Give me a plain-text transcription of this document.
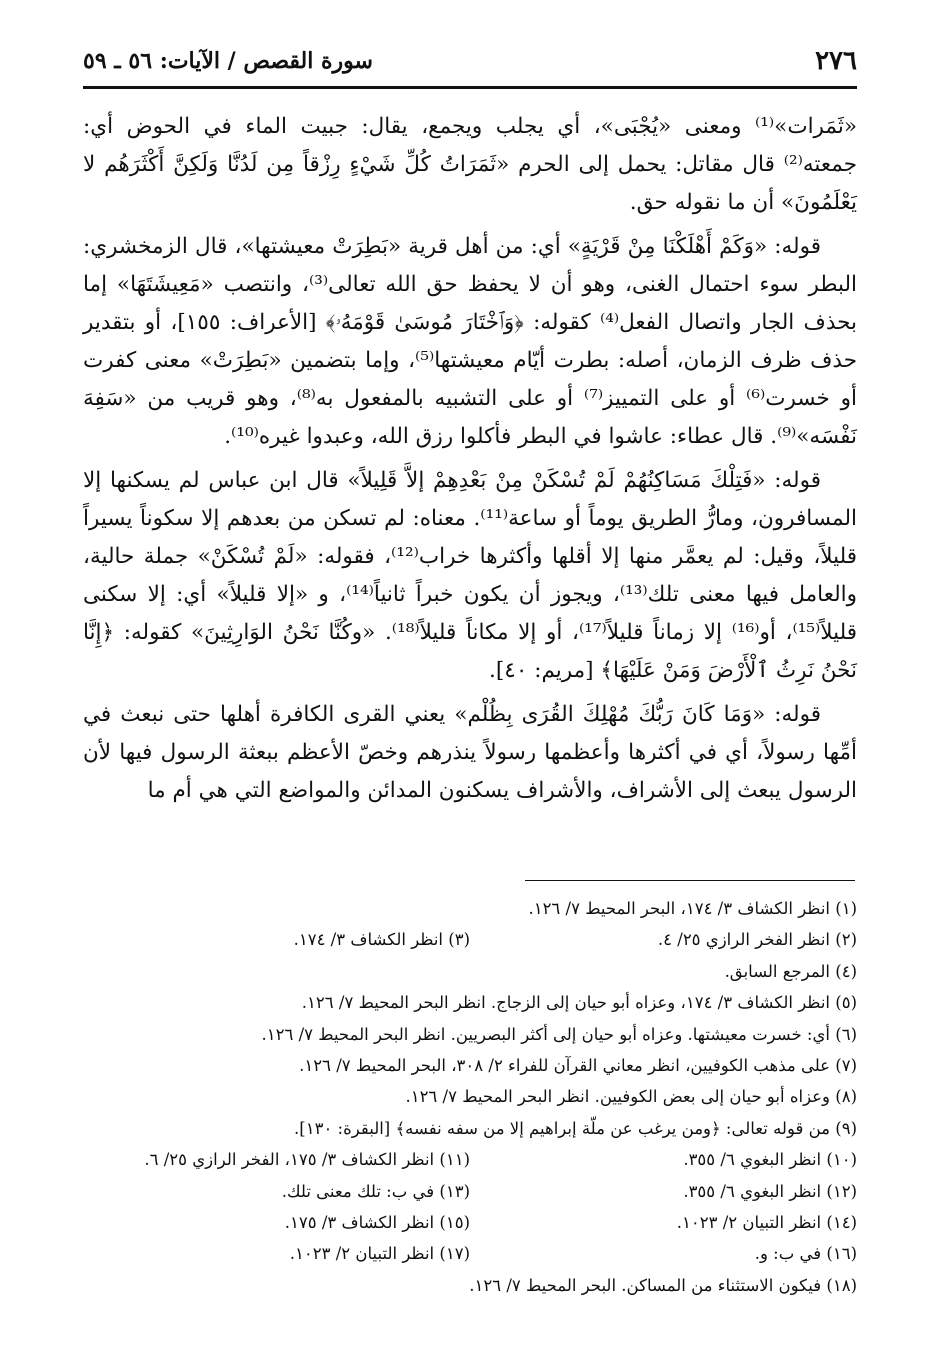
٢٧٦
سورة القصص / الآيات: ٥٦ ـ ٥٩

«ثَمَرات»⁽¹⁾ ومعنى «يُجْبَى»، أي يجلب ويجمع، يقال: جبيت الماء في الحوض أي: جمعته⁽²⁾ قال مقاتل: يحمل إلى الحرم «ثَمَرَاتُ كُلِّ شَيْءٍ رِزْقاً مِن لَدُنَّا وَلَكِنَّ أَكْثَرَهُم لا يَعْلَمُونَ» أن ما نقوله حق.

قوله: «وَكَمْ أَهْلَكْنَا مِنْ قَرْيَةٍ» أي: من أهل قرية «بَطِرَتْ معيشتها»، قال الزمخشري: البطر سوء احتمال الغنى، وهو أن لا يحفظ حق الله تعالى⁽³⁾، وانتصب «مَعِيشَتَهَا» إما بحذف الجار واتصال الفعل⁽⁴⁾ كقوله: ﴿وَٱخْتَارَ مُوسَىٰ قَوْمَهُۥ﴾ [الأعراف: ١٥٥]، أو بتقدير حذف ظرف الزمان، أصله: بطرت أيّام معيشتها⁽⁵⁾، وإما بتضمين «بَطِرَتْ» معنى كفرت أو خسرت⁽⁶⁾ أو على التمييز⁽⁷⁾ أو على التشبيه بالمفعول به⁽⁸⁾، وهو قريب من «سَفِهَ نَفْسَه»⁽⁹⁾. قال عطاء: عاشوا في البطر فأكلوا رزق الله، وعبدوا غيره⁽¹⁰⁾.

قوله: «فَتِلْكَ مَسَاكِنُهُمْ لَمْ تُسْكَنْ مِنْ بَعْدِهِمْ إلاَّ قَلِيلاً» قال ابن عباس لم يسكنها إلا المسافرون، ومارُّ الطريق يوماً أو ساعة⁽¹¹⁾. معناه: لم تسكن من بعدهم إلا سكوناً يسيراً قليلاً، وقيل: لم يعمَّر منها إلا أقلها وأكثرها خراب⁽¹²⁾، فقوله: «لَمْ تُسْكَنْ» جملة حالية، والعامل فيها معنى تلك⁽¹³⁾، ويجوز أن يكون خبراً ثانياً⁽¹⁴⁾، و «إلا قليلاً» أي: إلا سكنى قليلاً⁽¹⁵⁾، أو⁽¹⁶⁾ إلا زماناً قليلاً⁽¹⁷⁾، أو إلا مكاناً قليلاً⁽¹⁸⁾. «وكُنَّا نَحْنُ الوَارِثِينَ» كقوله: ﴿إِنَّا نَحْنُ نَرِثُ ٱلْأَرْضَ وَمَنْ عَلَيْهَا﴾ [مريم: ٤٠].

قوله: «وَمَا كَانَ رَبُّكَ مُهْلِكَ القُرَى بِظُلْم» يعني القرى الكافرة أهلها حتى نبعث في أمِّها رسولاً، أي في أكثرها وأعظمها رسولاً ينذرهم وخصّ الأعظم ببعثة الرسول فيها لأن الرسول يبعث إلى الأشراف، والأشراف يسكنون المدائن والمواضع التي هي أم ما

(١) انظر الكشاف ٣/ ١٧٤، البحر المحيط ٧/ ١٢٦.
(٢) انظر الفخر الرازي ٢٥/ ٤.
(٣) انظر الكشاف ٣/ ١٧٤.
(٤) المرجع السابق.
(٥) انظر الكشاف ٣/ ١٧٤، وعزاه أبو حيان إلى الزجاج. انظر البحر المحيط ٧/ ١٢٦.
(٦) أي: خسرت معيشتها. وعزاه أبو حيان إلى أكثر البصريين. انظر البحر المحيط ٧/ ١٢٦.
(٧) على مذهب الكوفيين، انظر معاني القرآن للفراء ٢/ ٣٠٨، البحر المحيط ٧/ ١٢٦.
(٨) وعزاه أبو حيان إلى بعض الكوفيين. انظر البحر المحيط ٧/ ١٢٦.
(٩) من قوله تعالى: ﴿ومن يرغب عن ملّة إبراهيم إلا من سفه نفسه﴾ [البقرة: ١٣٠].
(١٠) انظر البغوي ٦/ ٣٥٥.
(١١) انظر الكشاف ٣/ ١٧٥، الفخر الرازي ٢٥/ ٦.
(١٢) انظر البغوي ٦/ ٣٥٥.
(١٣) في ب: تلك معنى تلك.
(١٤) انظر التبيان ٢/ ١٠٢٣.
(١٥) انظر الكشاف ٣/ ١٧٥.
(١٦) في ب: و.
(١٧) انظر التبيان ٢/ ١٠٢٣.
(١٨) فيكون الاستثناء من المساكن. البحر المحيط ٧/ ١٢٦.
